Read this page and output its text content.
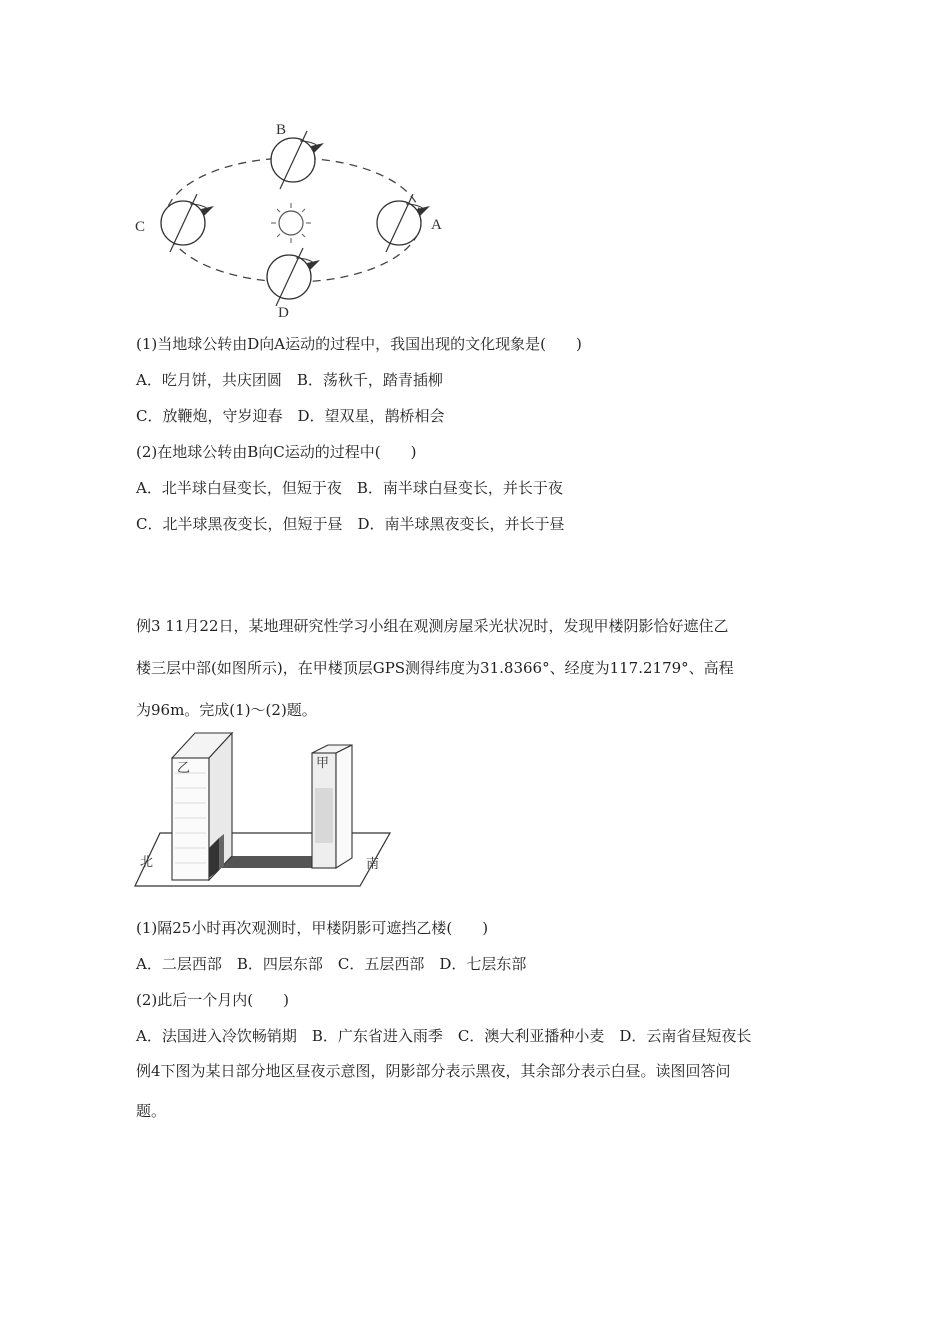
B
C	A
D
(1)当地球公转由D向A运动的过程中，我国出现的文化现象是(　　)
A．吃月饼，共庆团圆　B．荡秋千，踏青插柳
C．放鞭炮，守岁迎春　D．望双星，鹊桥相会
(2)在地球公转由B向C运动的过程中(　　)
A．北半球白昼变长，但短于夜　B．南半球白昼变长，并长于夜
C．北半球黑夜变长，但短于昼　D．南半球黑夜变长，并长于昼
例3 11月22日，某地理研究性学习小组在观测房屋采光状况时，发现甲楼阴影恰好遮住乙
楼三层中部(如图所示)，在甲楼顶层GPS测得纬度为31.8366°、经度为117.2179°、高程
为96m。完成(1)～(2)题。
乙	甲
北	南
(1)隔25小时再次观测时，甲楼阴影可遮挡乙楼(　　)
A．二层西部　B．四层东部　C．五层西部　D．七层东部
(2)此后一个月内(　　)
A．法国进入冷饮畅销期　B．广东省进入雨季　C．澳大利亚播种小麦　D．云南省昼短夜长
例4下图为某日部分地区昼夜示意图，阴影部分表示黑夜，其余部分表示白昼。读图回答问
题。
